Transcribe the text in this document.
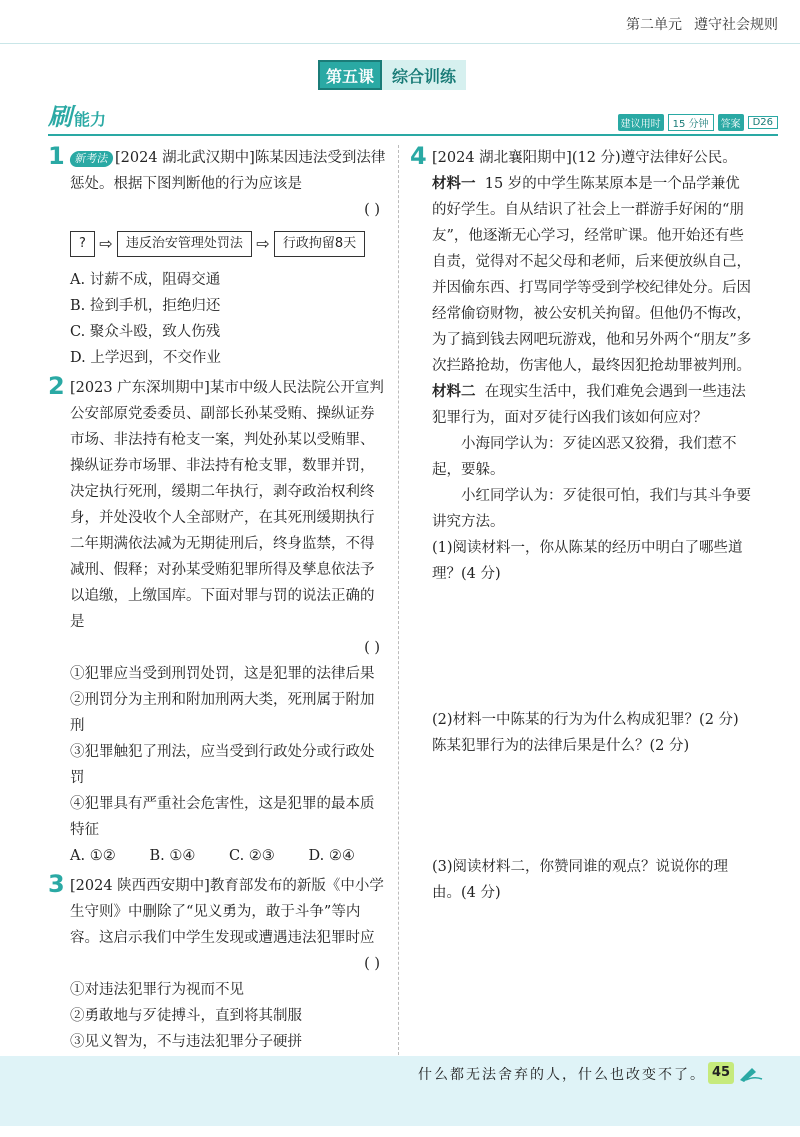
第二单元 遵守社会规则
第五课	综合训练
刷 能力	建议用时	15 分钟	答案	D26
1 新考法 [2024 湖北武汉期中]陈某因违法受到法律惩处。根据下图判断他的行为应该是
( )
? ⇨	违反治安管理处罚法 ⇨	行政拘留8天
A. 讨薪不成，阻碍交通
B. 捡到手机，拒绝归还
C. 聚众斗殴，致人伤残
D. 上学迟到，不交作业
2 [2023 广东深圳期中]某市中级人民法院公开宣判公安部原党委委员、副部长孙某受贿、操纵证券市场、非法持有枪支一案，判处孙某以受贿罪、操纵证券市场罪、非法持有枪支罪，数罪并罚，决定执行死刑，缓期二年执行，剥夺政治权利终身，并处没收个人全部财产，在其死刑缓期执行二年期满依法减为无期徒刑后，终身监禁，不得减刑、假释；对孙某受贿犯罪所得及孳息依法予以追缴，上缴国库。下面对罪与罚的说法正确的是
( )
①犯罪应当受到刑罚处罚，这是犯罪的法律后果
②刑罚分为主刑和附加刑两大类，死刑属于附加刑
③犯罪触犯了刑法，应当受到行政处分或行政处罚
④犯罪具有严重社会危害性，这是犯罪的最本质特征
A. ①②	B. ①④	C. ②③	D. ②④
3 [2024 陕西西安期中]教育部发布的新版《中小学生守则》中删除了“见义勇为，敢于斗争”等内容。这启示我们中学生发现或遭遇违法犯罪时应
( )
①对违法犯罪行为视而不见
②勇敢地与歹徒搏斗，直到将其制服
③见义智为，不与违法犯罪分子硬拼
4 [2024 湖北襄阳期中](12 分)遵守法律好公民。
材料一 15 岁的中学生陈某原本是一个品学兼优的好学生。自从结识了社会上一群游手好闲的“朋友”，他逐渐无心学习，经常旷课。他开始还有些自责，觉得对不起父母和老师，后来便放纵自己，并因偷东西、打骂同学等受到学校纪律处分。后因经常偷窃财物，被公安机关拘留。但他仍不悔改，为了搞到钱去网吧玩游戏，他和另外两个“朋友”多次拦路抢劫，伤害他人，最终因犯抢劫罪被判刑。
材料二 在现实生活中，我们难免会遇到一些违法犯罪行为，面对歹徒行凶我们该如何应对？
小海同学认为：歹徒凶恶又狡猾，我们惹不起，要躲。
小红同学认为：歹徒很可怕，我们与其斗争要讲究方法。
(1)阅读材料一，你从陈某的经历中明白了哪些道理？(4 分)
(2)材料一中陈某的行为为什么构成犯罪？(2 分)
陈某犯罪行为的法律后果是什么？(2 分)
(3)阅读材料二，你赞同谁的观点？说说你的理由。(4 分)
什么都无法舍弃的人，什么也改变不了。 45
